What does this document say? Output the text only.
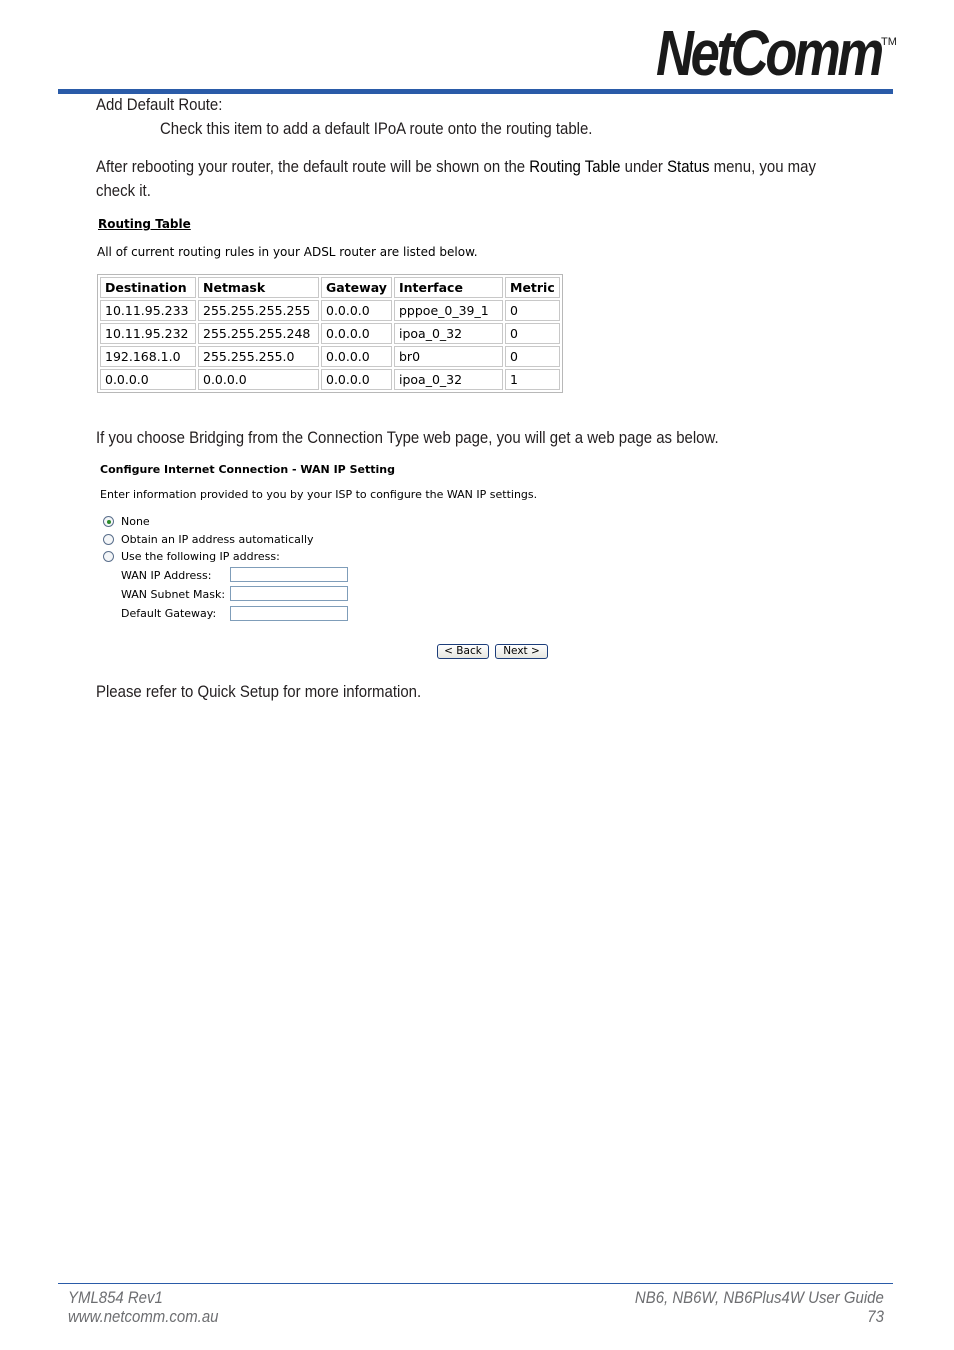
NetComm TM
Add Default Route:
Check this item to add a default IPoA route onto the routing table.
After rebooting your router, the default route will be shown on the Routing Table under Status menu, you may
check it.
Routing Table
All of current routing rules in your ADSL router are listed below.
Destination	Netmask	Gateway	Interface	Metric
10.11.95.233	255.255.255.255	0.0.0.0	pppoe_0_39_1	0
10.11.95.232	255.255.255.248	0.0.0.0	ipoa_0_32	0
192.168.1.0	255.255.255.0	0.0.0.0	br0	0
0.0.0.0	0.0.0.0	0.0.0.0	ipoa_0_32	1
If you choose Bridging from the Connection Type web page, you will get a web page as below.
Configure Internet Connection - WAN IP Setting
Enter information provided to you by your ISP to configure the WAN IP settings.
None
Obtain an IP address automatically
Use the following IP address:
WAN IP Address:
WAN Subnet Mask:
Default Gateway:
< Back	Next >
Please refer to Quick Setup for more information.
YML854 Rev1
www.netcomm.com.au
NB6, NB6W, NB6Plus4W User Guide
73
